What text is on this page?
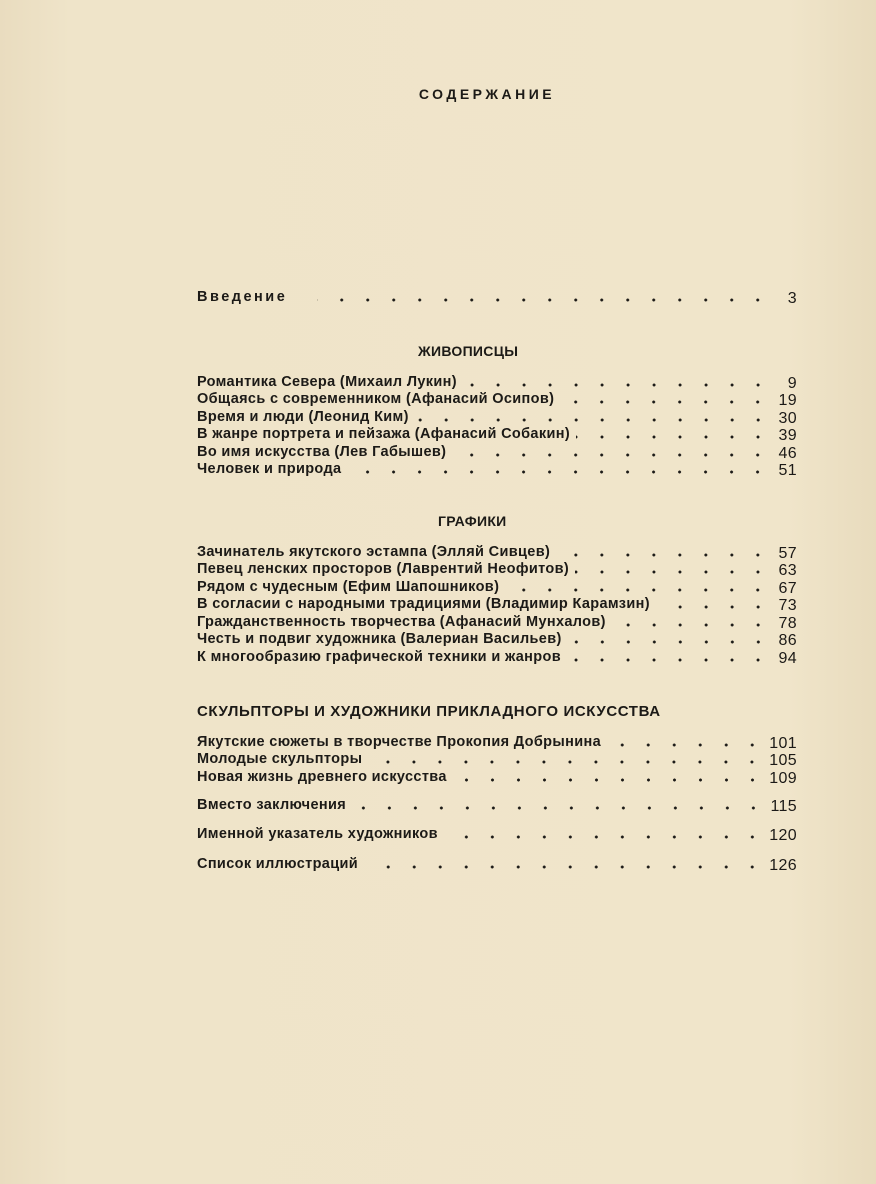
СОДЕРЖАНИЕ
Введение	3
ЖИВОПИСЦЫ
Романтика Севера (Михаил Лукин)	9
Общаясь с современником (Афанасий Осипов)	19
Время и люди (Леонид Ким)	30
В жанре портрета и пейзажа (Афанасий Собакин)	39
Во имя искусства (Лев Габышев)	46
Человек и природа	51
ГРАФИКИ
Зачинатель якутского эстампа (Элляй Сивцев)	57
Певец ленских просторов (Лаврентий Неофитов)	63
Рядом с чудесным (Ефим Шапошников)	67
В согласии с народными традициями (Владимир Карамзин)	73
Гражданственность творчества (Афанасий Мунхалов)	78
Честь и подвиг художника (Валериан Васильев)	86
К многообразию графической техники и жанров	94
СКУЛЬПТОРЫ И ХУДОЖНИКИ ПРИКЛАДНОГО ИСКУССТВА
Якутские сюжеты в творчестве Прокопия Добрынина	101
Молодые скульпторы	105
Новая жизнь древнего искусства	109
Вместо заключения	115
Именной указатель художников	120
Список иллюстраций	126
